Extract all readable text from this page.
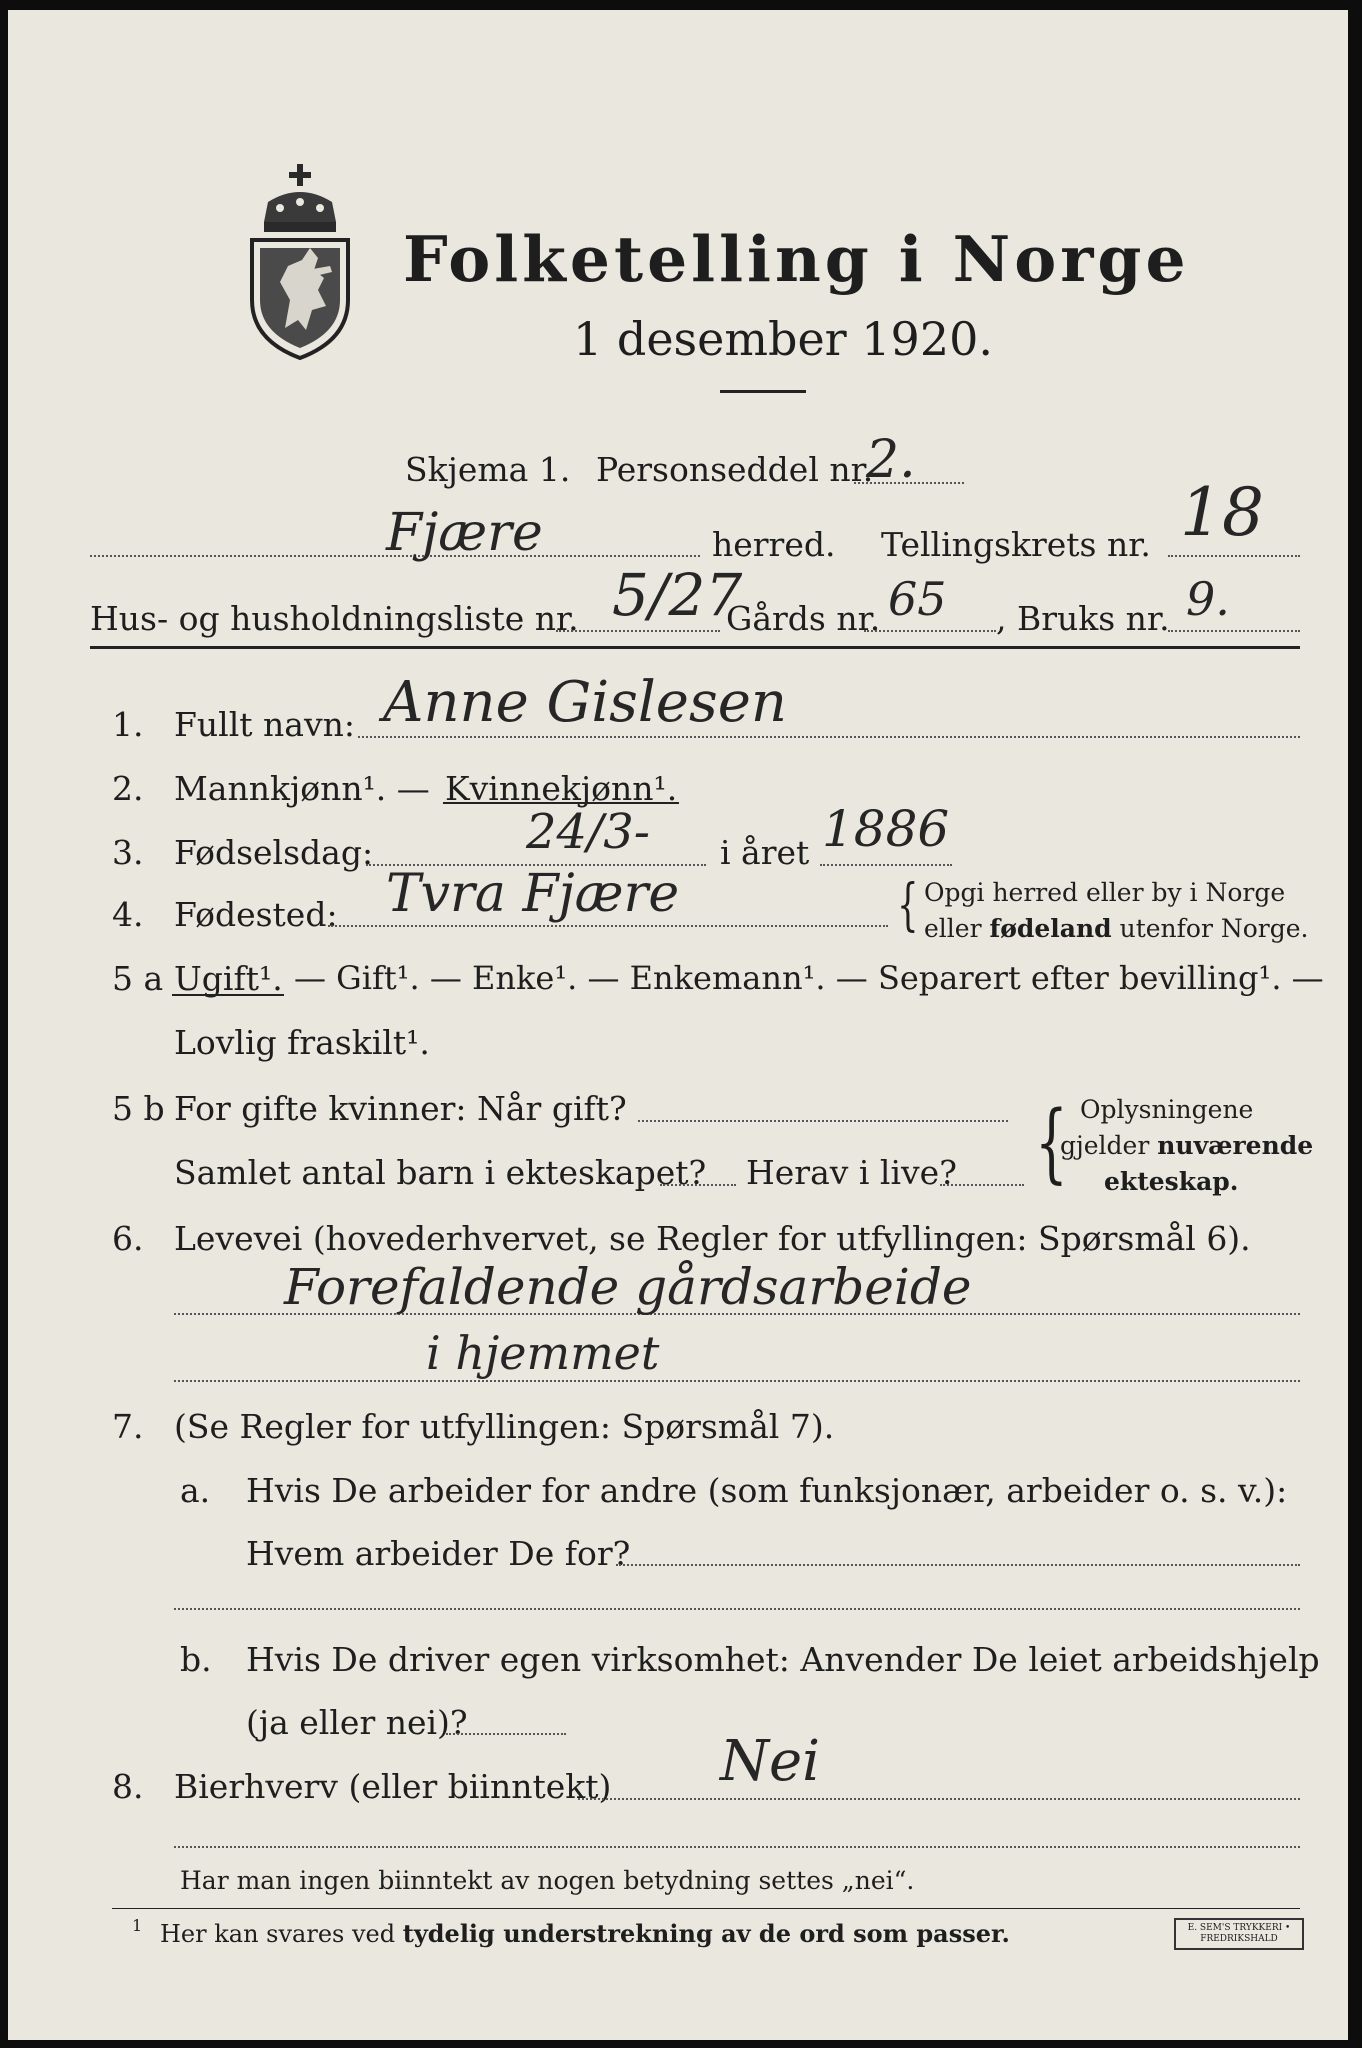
Folketelling i Norge
1 desember 1920.
Skjema 1. Personseddel nr.
2.
Fjære	herred. Tellingskrets nr. 18
Hus- og husholdningsliste nr. 5/27
Gårds nr. 65 , Bruks nr. 9.
1. Fullt navn: Anne Gislesen
2. Mannkjønn¹. — Kvinnekjønn¹.
3. Fødselsdag:	24/3- i året 1886
4. Fødested: Tvra Fjære	{ Opgi herred eller by i Norge
eller fødeland utenfor Norge.
5 a Ugift¹. — Gift¹. — Enke¹. — Enkemann¹. — Separert efter bevilling¹. —
Lovlig fraskilt¹.
5 b For gifte kvinner: Når gift?
Samlet antal barn i ekteskapet? Herav i live? { Oplysningene
gjelder nuværende
ekteskap.
6. Levevei (hovederhvervet, se Regler for utfyllingen: Spørsmål 6).
Forefaldende gårdsarbeide
i hjemmet
7. (Se Regler for utfyllingen: Spørsmål 7).
a. Hvis De arbeider for andre (som funksjonær, arbeider o. s. v.):
Hvem arbeider De for?
b. Hvis De driver egen virksomhet: Anvender De leiet arbeidshjelp
(ja eller nei)?
8. Bierhverv (eller biinntekt) Nei
Har man ingen biinntekt av nogen betydning settes „nei“.
1 Her kan svares ved tydelig understrekning av de ord som passer.	E. SEM'S TRYKKERI • FREDRIKSHALD
